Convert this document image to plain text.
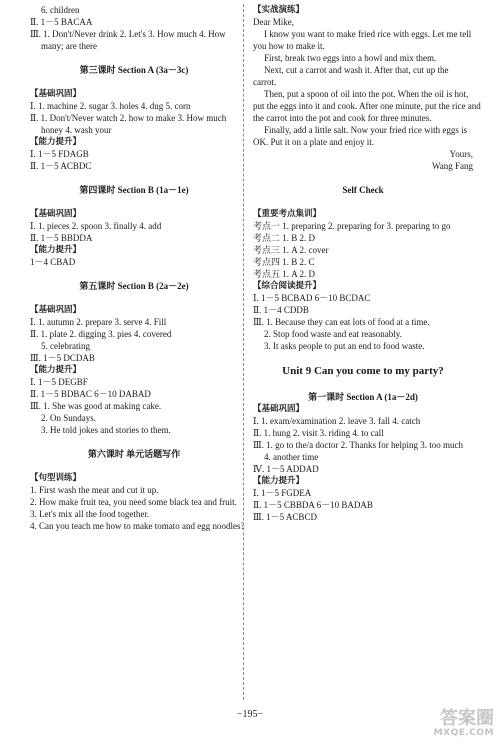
6. children
Ⅱ. 1－5 BACAA
Ⅲ. 1. Don't/Never drink 2. Let's 3. How much 4. How
many; are there

第三课时 Section A (3a－3c)

【基础巩固】
Ⅰ. 1. machine 2. sugar 3. holes 4. dug 5. corn
Ⅱ. 1. Don't/Never watch 2. how to make 3. How much
honey 4. wash your
【能力提升】
Ⅰ. 1－5 FDAGB
Ⅱ. 1－5 ACBDC

第四课时 Section B (1a－1e)

【基础巩固】
Ⅰ. 1. pieces 2. spoon 3. finally 4. add
Ⅱ. 1－5 BBDDA
【能力提升】
1－4 CBAD

第五课时 Section B (2a－2e)

【基础巩固】
Ⅰ. 1. autumn 2. prepare 3. serve 4. Fill
Ⅱ. 1. plate 2. digging 3. pies 4. covered
5. celebrating
Ⅲ. 1－5 DCDAB
【能力提升】
Ⅰ. 1－5 DEGBF
Ⅱ. 1－5 BDBAC 6－10 DABAD
Ⅲ. 1. She was good at making cake.
2. On Sundays.
3. He told jokes and stories to them.

第六课时 单元话题写作

【句型训练】
1. First wash the meat and cut it up.
2. How make fruit tea, you need some black tea and fruit.
3. Let's mix all the food together.
4. Can you teach me how to make tomato and egg noodles?
【实战演练】
Dear Mike,
I know you want to make fried rice with eggs. Let me tell
you how to make it.
First, break two eggs into a bowl and mix them.
Next, cut a carrot and wash it. After that, cut up the
carrot.
Then, put a spoon of oil into the pot. When the oil is hot,
put the eggs into it and cook. After one minute, put the rice and
the carrot into the pot and cook for three minutes.
Finally, add a little salt. Now your fried rice with eggs is
OK. Put it on a plate and enjoy it.
Yours,
Wang Fang

Self Check

【重要考点集训】
考点一 1. preparing 2. preparing for 3. preparing to go
考点二 1. B 2. D
考点三 1. A 2. cover
考点四 1. B 2. C
考点五 1. A 2. D
【综合阅读提升】
Ⅰ. 1－5 BCBAD 6－10 BCDAC
Ⅱ. 1－4 CDDB
Ⅲ. 1. Because they can eat lots of food at a time.
2. Stop food waste and eat reasonably.
3. It asks people to put an end to food waste.

Unit 9 Can you come to my party?

第一课时 Section A (1a－2d)
【基础巩固】
Ⅰ. 1. exam/examination 2. leave 3. fall 4. catch
Ⅱ. 1. hung 2. visit 3. riding 4. to call
Ⅲ. 1. go to the/a doctor 2. Thanks for helping 3. too much
4. another time
Ⅳ. 1－5 ADDAD
【能力提升】
Ⅰ. 1－5 FGDEA
Ⅱ. 1－5 CBBDA 6－10 BADAB
Ⅲ. 1－5 ACBCD
−195−	答案圈
MXQE.COM
